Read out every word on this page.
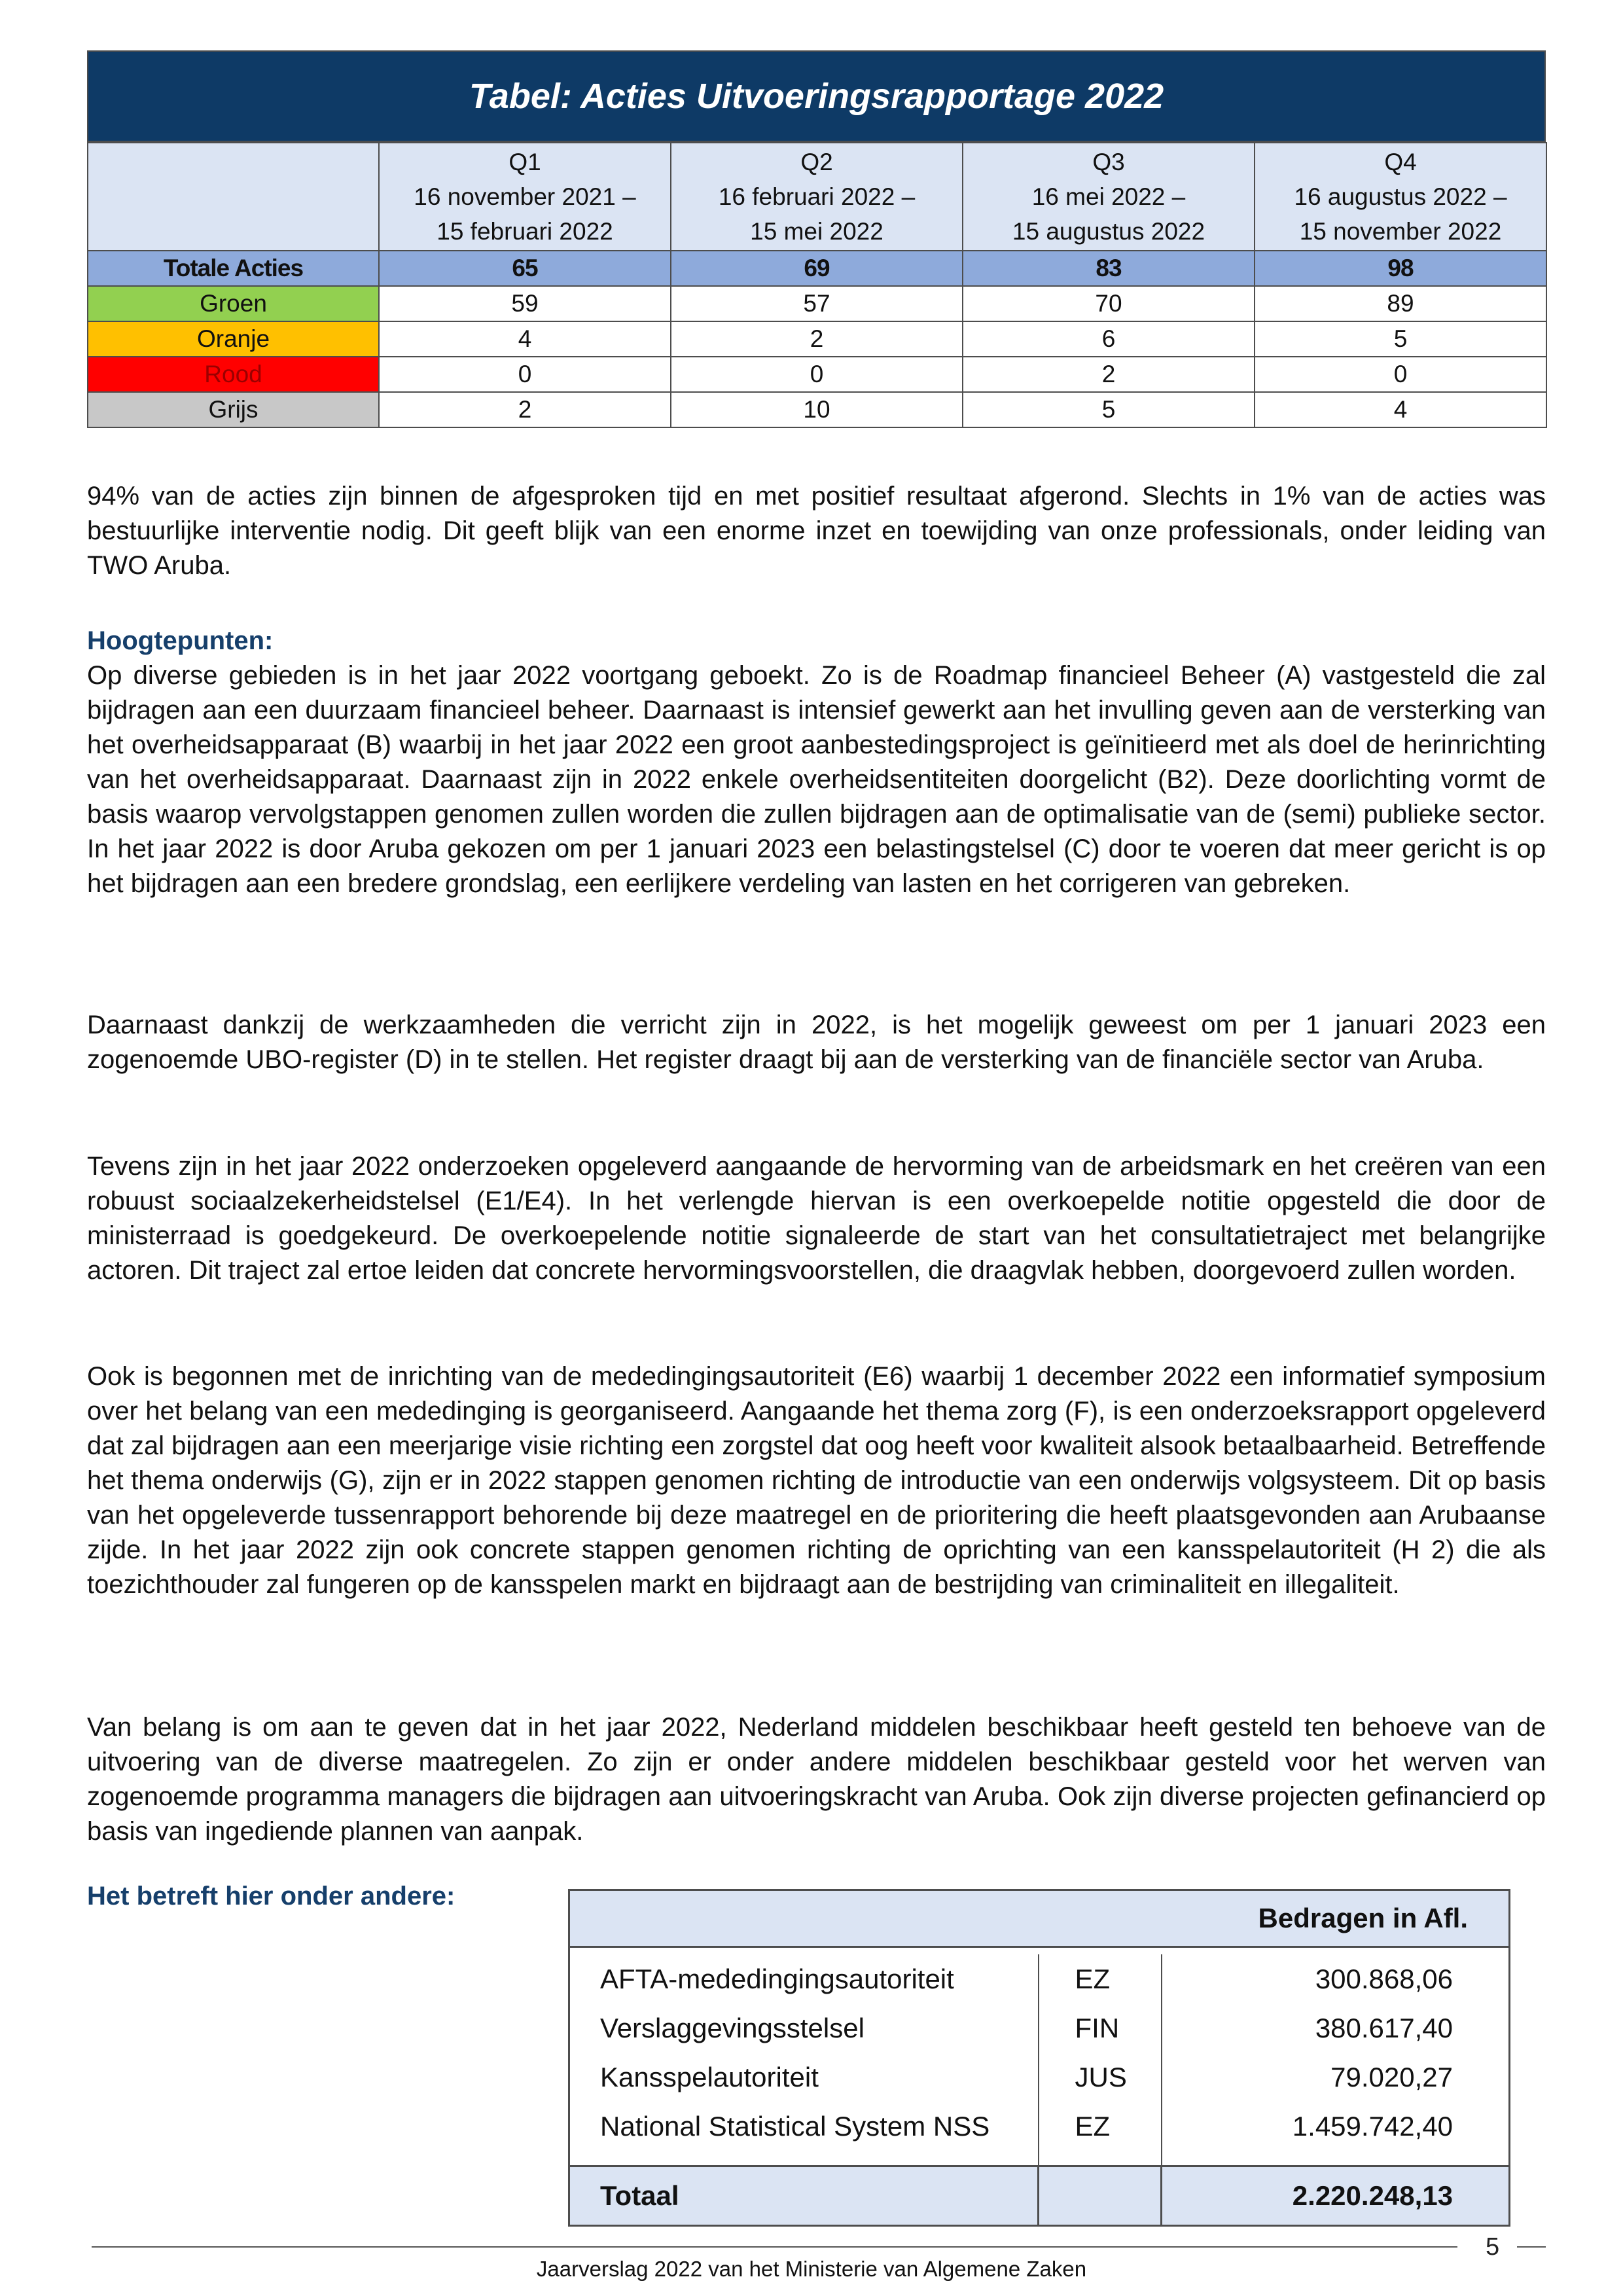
Tabel: Acties Uitvoeringsrapportage 2022

	Q1
16 november 2021 –
15 februari 2022	Q2
16 februari 2022 –
15 mei 2022	Q3
16 mei 2022 –
15 augustus 2022	Q4
16 augustus 2022 –
15 november 2022

Totale Acties	65	69	83	98
Groen	59	57	70	89
Oranje	4	2	6	5
Rood	0	0	2	0
Grijs	2	10	5	4
94% van de acties zijn binnen de afgesproken tijd en met positief resultaat afgerond. Slechts in 1% van de acties was bestuurlijke interventie nodig. Dit geeft blijk van een enorme inzet en toewijding van onze professionals, onder leiding van TWO Aruba.
Hoogtepunten:
Op diverse gebieden is in het jaar 2022 voortgang geboekt. Zo is de Roadmap financieel Beheer (A) vastgesteld die zal bijdragen aan een duurzaam financieel beheer. Daarnaast is intensief gewerkt aan het invulling geven aan de versterking van het overheidsapparaat (B) waarbij in het jaar 2022 een groot aanbestedingsproject is geïnitieerd met als doel de herinrichting van het overheidsapparaat. Daarnaast zijn in 2022 enkele overheidsentiteiten doorgelicht (B2). Deze doorlichting vormt de basis waarop vervolgstappen genomen zullen worden die zullen bijdragen aan de optimalisatie van de (semi) publieke sector. In het jaar 2022 is door Aruba gekozen om per 1 januari 2023 een belastingstelsel (C) door te voeren dat meer gericht is op het bijdragen aan een bredere grondslag, een eerlijkere verdeling van lasten en het corrigeren van gebreken.
Daarnaast dankzij de werkzaamheden die verricht zijn in 2022, is het mogelijk geweest om per 1 januari 2023 een zogenoemde UBO-register (D) in te stellen. Het register draagt bij aan de versterking van de financiële sector van Aruba.
Tevens zijn in het jaar 2022 onderzoeken opgeleverd aangaande de hervorming van de arbeidsmark en het creëren van een robuust sociaalzekerheidstelsel (E1/E4). In het verlengde hiervan is een overkoepelde notitie opgesteld die door de ministerraad is goedgekeurd. De overkoepelende notitie signaleerde de start van het consultatietraject met belangrijke actoren. Dit traject zal ertoe leiden dat concrete hervormingsvoorstellen, die draagvlak hebben, doorgevoerd zullen worden.
Ook is begonnen met de inrichting van de mededingingsautoriteit (E6) waarbij 1 december 2022 een informatief symposium over het belang van een mededinging is georganiseerd. Aangaande het thema zorg (F), is een onderzoeksrapport opgeleverd dat zal bijdragen aan een meerjarige visie richting een zorgstel dat oog heeft voor kwaliteit alsook betaalbaarheid. Betreffende het thema onderwijs (G), zijn er in 2022 stappen genomen richting de introductie van een onderwijs volgsysteem. Dit op basis van het opgeleverde tussenrapport behorende bij deze maatregel en de prioritering die heeft plaatsgevonden aan Arubaanse zijde. In het jaar 2022 zijn ook concrete stappen genomen richting de oprichting van een kansspelautoriteit (H 2) die als toezichthouder zal fungeren op de kansspelen markt en bijdraagt aan de bestrijding van criminaliteit en illegaliteit.
Van belang is om aan te geven dat in het jaar 2022, Nederland middelen beschikbaar heeft gesteld ten behoeve van de uitvoering van de diverse maatregelen. Zo zijn er onder andere middelen beschikbaar gesteld voor het werven van zogenoemde programma managers die bijdragen aan uitvoeringskracht van Aruba. Ook zijn diverse projecten gefinancierd op basis van ingediende plannen van aanpak.
Het betreft hier onder andere:
Bedragen in Afl.		

AFTA-mededingingsautoriteit	EZ	300.868,06
Verslaggevingsstelsel	FIN	380.617,40
Kansspelautoriteit	JUS	79.020,27
National Statistical System NSS	EZ	1.459.742,40

Totaal		2.220.248,13
5
Jaarverslag 2022 van het Ministerie van Algemene Zaken
